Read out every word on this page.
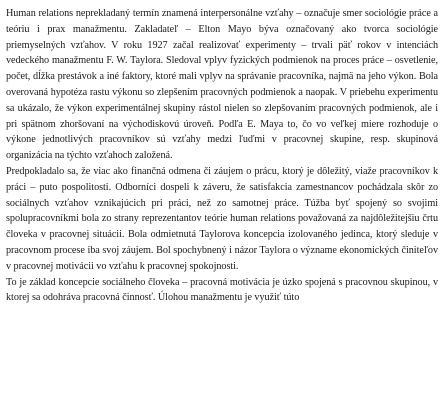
Human relations neprekladaný termín znamená interpersonálne vzťahy – označuje smer sociológie práce a teóriu i prax manažmentu. Zakladateľ – Elton Mayo býva označovaný ako tvorca sociológie priemyselných vzťahov. V roku 1927 začal realizovať experimenty – trvali päť rokov v intenciách vedeckého manažmentu F. W. Taylora. Sledoval vplyv fyzických podmienok na proces práce – osvetlenie, počet, dĺžka prestávok a iné faktory, ktoré mali vplyv na správanie pracovníka, najmä na jeho výkon. Bola overovaná hypotéza rastu výkonu so zlepšením pracovných podmienok a naopak. V priebehu experimentu sa ukázalo, že výkon experimentálnej skupiny rástol nielen so zlepšovaním pracovných podmienok, ale i pri spätnom zhoršovaní na východiskovú úroveň. Podľa E. Maya to, čo vo veľkej miere rozhoduje o výkone jednotlivých pracovníkov sú vzťahy medzi ľuďmi v pracovnej skupine, resp. skupinová organizácia na týchto vzťahoch založená.

Predpokladalo sa, že viac ako finančná odmena či záujem o prácu, ktorý je dôležitý, viaže pracovníkov k práci – puto pospolitosti. Odborníci dospeli k záveru, že satisfakcia zamestnancov pochádzala skôr zo sociálnych vzťahov vznikajúcich pri práci, než zo samotnej práce. Túžba byť spojený so svojimi spolupracovníkmi bola zo strany reprezentantov teórie human relations považovaná za najdôležitejšiu črtu človeka v pracovnej situácii. Bola odmietnutá Taylorova koncepcia izolovaného jedinca, ktorý sleduje v pracovnom procese iba svoj záujem. Bol spochybnený i názor Taylora o význame ekonomických činiteľov v pracovnej motivácii vo vzťahu k pracovnej spokojnosti.

To je základ koncepcie sociálneho človeka – pracovná motivácia je úzko spojená s pracovnou skupinou, v ktorej sa odohráva pracovná činnosť. Úlohou manažmentu je využiť túto
